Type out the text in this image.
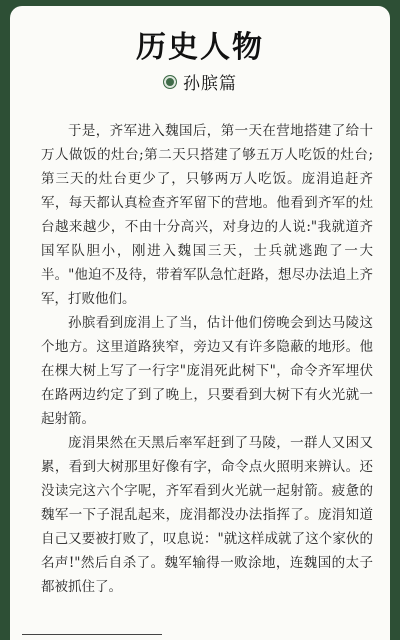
历史人物
孙膑篇

于是，齐军进入魏国后，第一天在营地搭建了给十万人做饭的灶台;第二天只搭建了够五万人吃饭的灶台;第三天的灶台更少了，只够两万人吃饭。庞涓追赶齐军，每天都认真检查齐军留下的营地。他看到齐军的灶台越来越少，不由十分高兴，对身边的人说:"我就道齐国军队胆小，刚进入魏国三天，士兵就逃跑了一大半。"他迫不及待，带着军队急忙赶路，想尽办法追上齐军，打败他们。

孙膑看到庞涓上了当，估计他们傍晚会到达马陵这个地方。这里道路狭窄，旁边又有许多隐蔽的地形。他在棵大树上写了一行字"庞涓死此树下"，命令齐军埋伏在路两边约定了到了晚上，只要看到大树下有火光就一起射箭。

庞涓果然在天黑后率军赶到了马陵，一群人又困又累，看到大树那里好像有字，命令点火照明来辨认。还没读完这六个字呢，齐军看到火光就一起射箭。疲惫的魏军一下子混乱起来，庞涓都没办法指挥了。庞涓知道自己又要被打败了，叹息说："就这样成就了这个家伙的名声!"然后自杀了。魏军输得一败涂地，连魏国的太子都被抓住了。
